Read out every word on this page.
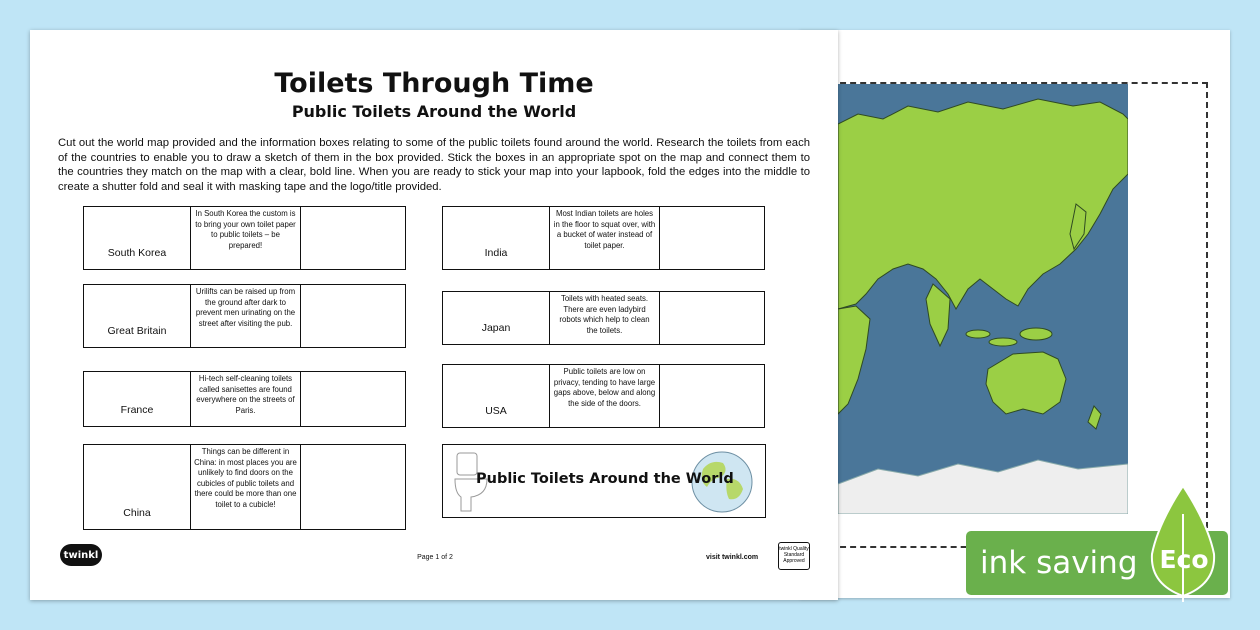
Toilets Through Time
Public Toilets Around the World
Cut out the world map provided and the information boxes relating to some of the public toilets found around the world. Research the toilets from each of the countries to enable you to draw a sketch of them in the box provided. Stick the boxes in an appropriate spot on the map and connect them to the countries they match on the map with a clear, bold line. When you are ready to stick your map into your lapbook, fold the edges into the middle to create a shutter fold and seal it with masking tape and the logo/title provided.
South Korea
In South Korea the custom is to bring your own toilet paper to public toilets – be prepared!
Great Britain
Urilifts can be raised up from the ground after dark to prevent men urinating on the street after visiting the pub.
France
Hi-tech self-cleaning toilets called sanisettes are found everywhere on the streets of Paris.
China
Things can be different in China: in most places you are unlikely to find doors on the cubicles of public toilets and there could be more than one toilet to a cubicle!
India
Most Indian toilets are holes in the floor to squat over, with a bucket of water instead of toilet paper.
Japan
Toilets with heated seats. There are even ladybird robots which help to clean the toilets.
USA
Public toilets are low on privacy, tending to have large gaps above, below and along the side of the doors.
Public Toilets Around the World
twinkl	Page 1 of 2	visit twinkl.com
twinkl Quality Standard Approved	ink saving Eco
